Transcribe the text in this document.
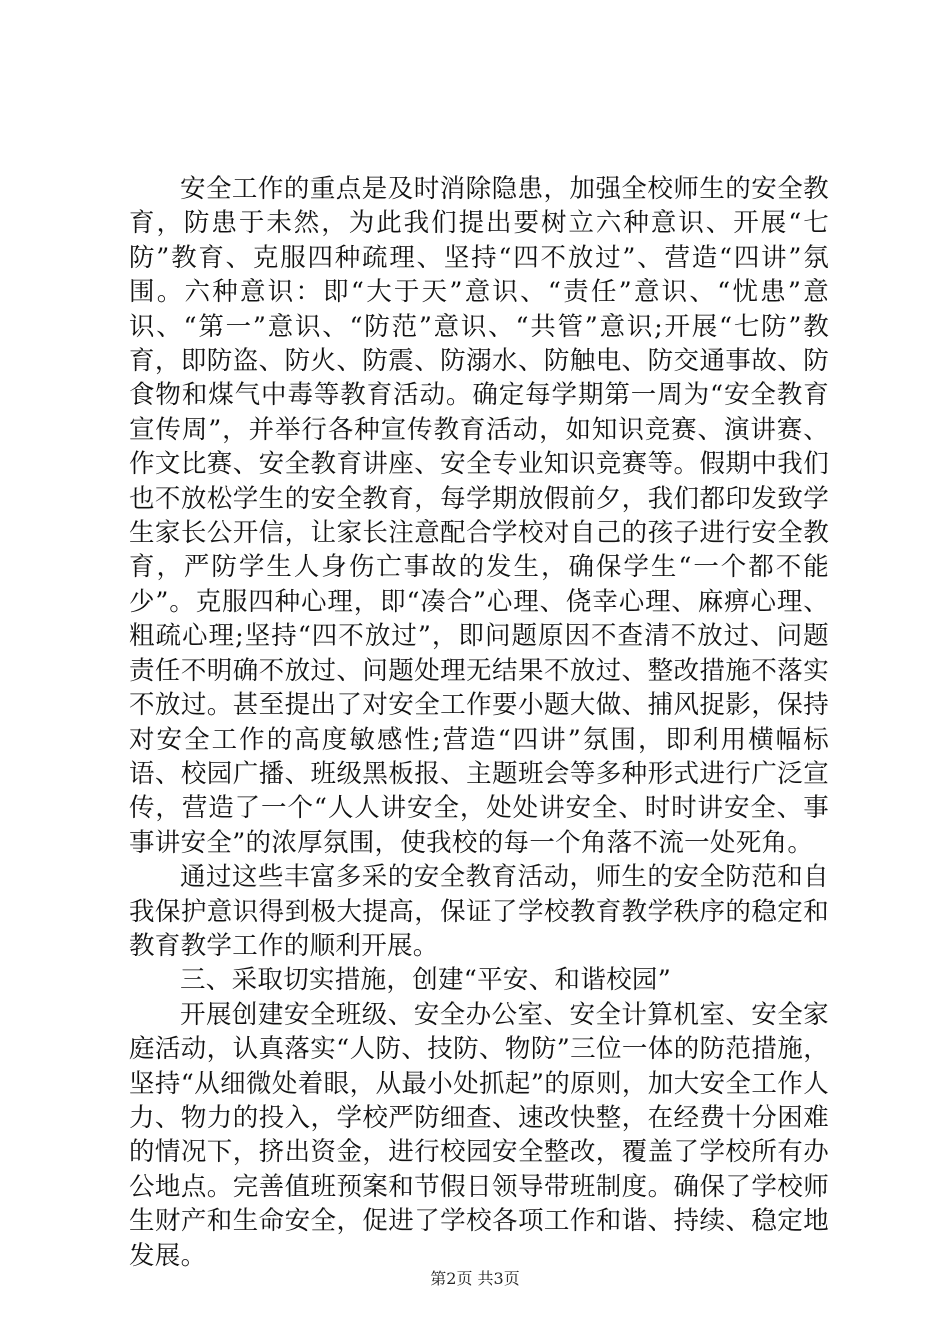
安全工作的重点是及时消除隐患，加强全校师生的安全教育，防患于未然，为此我们提出要树立六种意识、开展“七防”教育、克服四种疏理、坚持“四不放过”、营造“四讲”氛围。六种意识：即“大于天”意识、“责任”意识、“忧患”意识、“第一”意识、“防范”意识、“共管”意识;开展“七防”教育，即防盗、防火、防震、防溺水、防触电、防交通事故、防食物和煤气中毒等教育活动。确定每学期第一周为“安全教育宣传周”，并举行各种宣传教育活动，如知识竞赛、演讲赛、作文比赛、安全教育讲座、安全专业知识竞赛等。假期中我们也不放松学生的安全教育，每学期放假前夕，我们都印发致学生家长公开信，让家长注意配合学校对自己的孩子进行安全教育，严防学生人身伤亡事故的发生，确保学生“一个都不能少”。克服四种心理，即“凑合”心理、侥幸心理、麻痹心理、粗疏心理;坚持“四不放过”，即问题原因不查清不放过、问题责任不明确不放过、问题处理无结果不放过、整改措施不落实不放过。甚至提出了对安全工作要小题大做、捕风捉影，保持对安全工作的高度敏感性;营造“四讲”氛围，即利用横幅标语、校园广播、班级黑板报、主题班会等多种形式进行广泛宣传，营造了一个“人人讲安全，处处讲安全、时时讲安全、事事讲安全”的浓厚氛围，使我校的每一个角落不流一处死角。

通过这些丰富多采的安全教育活动，师生的安全防范和自我保护意识得到极大提高，保证了学校教育教学秩序的稳定和教育教学工作的顺利开展。

三、采取切实措施，创建“平安、和谐校园”

开展创建安全班级、安全办公室、安全计算机室、安全家庭活动，认真落实“人防、技防、物防”三位一体的防范措施，坚持“从细微处着眼，从最小处抓起”的原则，加大安全工作人力、物力的投入，学校严防细查、速改快整，在经费十分困难的情况下，挤出资金，进行校园安全整改，覆盖了学校所有办公地点。完善值班预案和节假日领导带班制度。确保了学校师生财产和生命安全，促进了学校各项工作和谐、持续、稳定地发展。

第2页 共3页
